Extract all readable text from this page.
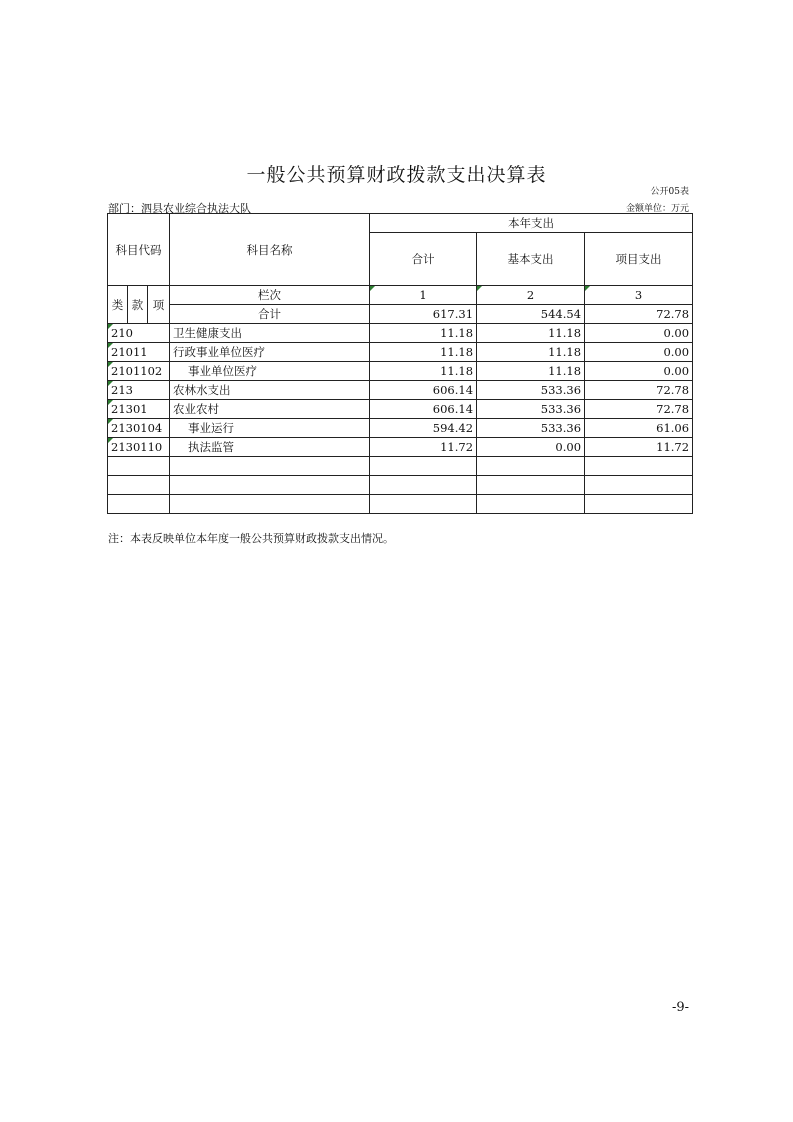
一般公共预算财政拨款支出决算表
公开05表
部门：泗县农业综合执法大队	金额单位：万元
科目代码			科目名称	本年支出		
				合计	基本支出	项目支出
类	款	项	栏次	1	2	3
			合计	617.31	544.54	72.78
210			卫生健康支出	11.18	11.18	0.00
21011			行政事业单位医疗	11.18	11.18	0.00
2101102			事业单位医疗	11.18	11.18	0.00
213			农林水支出	606.14	533.36	72.78
21301			农业农村	606.14	533.36	72.78
2130104			事业运行	594.42	533.36	61.06
2130110			执法监管	11.72	0.00	11.72

注：本表反映单位本年度一般公共预算财政拨款支出情况。
-9-
